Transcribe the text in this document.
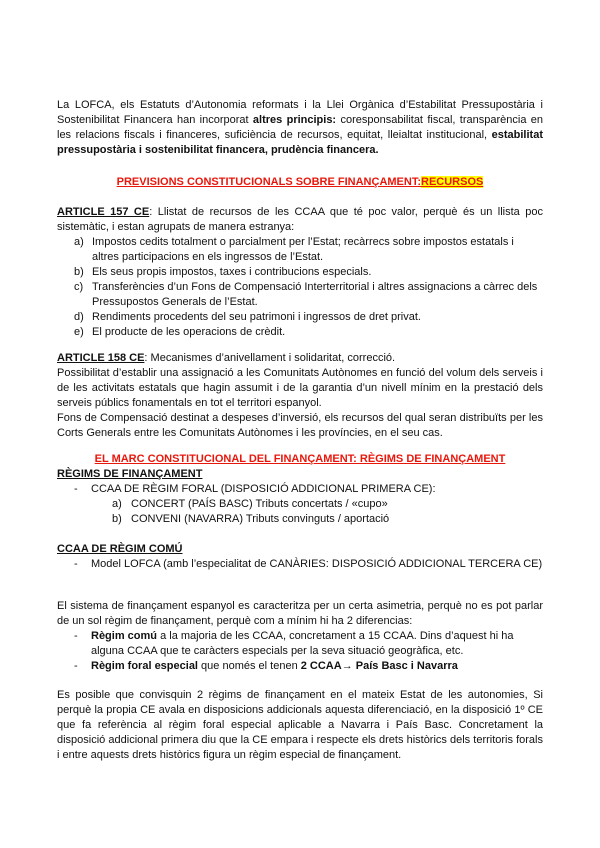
La LOFCA, els Estatuts d’Autonomia reformats i la Llei Orgànica d’Estabilitat Pressupostària i Sostenibilitat Financera han incorporat altres principis: coresponsabilitat fiscal, transparència en les relacions fiscals i financeres, suficiència de recursos, equitat, lleialtat institucional, estabilitat pressupostària i sostenibilitat financera, prudència financera.

PREVISIONS CONSTITUCIONALS SOBRE FINANÇAMENT:RECURSOS

ARTICLE 157 CE: Llistat de recursos de les CCAA que té poc valor, perquè és un llista poc sistemàtic, i estan agrupats de manera estranya:

a) Impostos cedits totalment o parcialment per l’Estat; recàrrecs sobre impostos estatals i altres participacions en els ingressos de l’Estat.
b) Els seus propis impostos, taxes i contribucions especials.
c) Transferències d’un Fons de Compensació Interterritorial i altres assignacions a càrrec dels Pressupostos Generals de l’Estat.
d) Rendiments procedents del seu patrimoni i ingressos de dret privat.
e) El producte de les operacions de crèdit.

ARTICLE 158 CE: Mecanismes d’anivellament i solidaritat, correcció.

Possibilitat d’establir una assignació a les Comunitats Autònomes en funció del volum dels serveis i de les activitats estatals que hagin assumit i de la garantia d’un nivell mínim en la prestació dels serveis públics fonamentals en tot el territori espanyol.

Fons de Compensació destinat a despeses d’inversió, els recursos del qual seran distribuïts per les Corts Generals entre les Comunitats Autònomes i les províncies, en el seu cas.

EL MARC CONSTITUCIONAL DEL FINANÇAMENT: RÈGIMS DE FINANÇAMENT

RÈGIMS DE FINANÇAMENT

- CCAA DE RÈGIM FORAL (DISPOSICIÓ ADDICIONAL PRIMERA CE):
a) CONCERT (PAÍS BASC) Tributs concertats / «cupo»
b) CONVENI (NAVARRA) Tributs convinguts / aportació

CCAA DE RÈGIM COMÚ

- Model LOFCA (amb l’especialitat de CANÀRIES: DISPOSICIÓ ADDICIONAL TERCERA CE)

El sistema de finançament espanyol es caracteritza per un certa asimetria, perquè no es pot parlar de un sol règim de finançament, perquè com a mínim hi ha 2 diferencias:

- Règim comú a la majoria de les CCAA, concretament a 15 CCAA. Dins d’aquest hi ha alguna CCAA que te caràcters especials per la seva situació geogràfica, etc.
- Règim foral especial que només el tenen 2 CCAA→ País Basc i Navarra

Es posible que convisquin 2 règims de finançament en el mateix Estat de les autonomies, Si perquè la propia CE avala en disposicions addicionals aquesta diferenciació, en la disposició 1º CE que fa referència al règim foral especial aplicable a Navarra i País Basc. Concretament la disposició addicional primera diu que la CE empara i respecte els drets històrics dels territoris forals i entre aquests drets històrics figura un règim especial de finançament.
